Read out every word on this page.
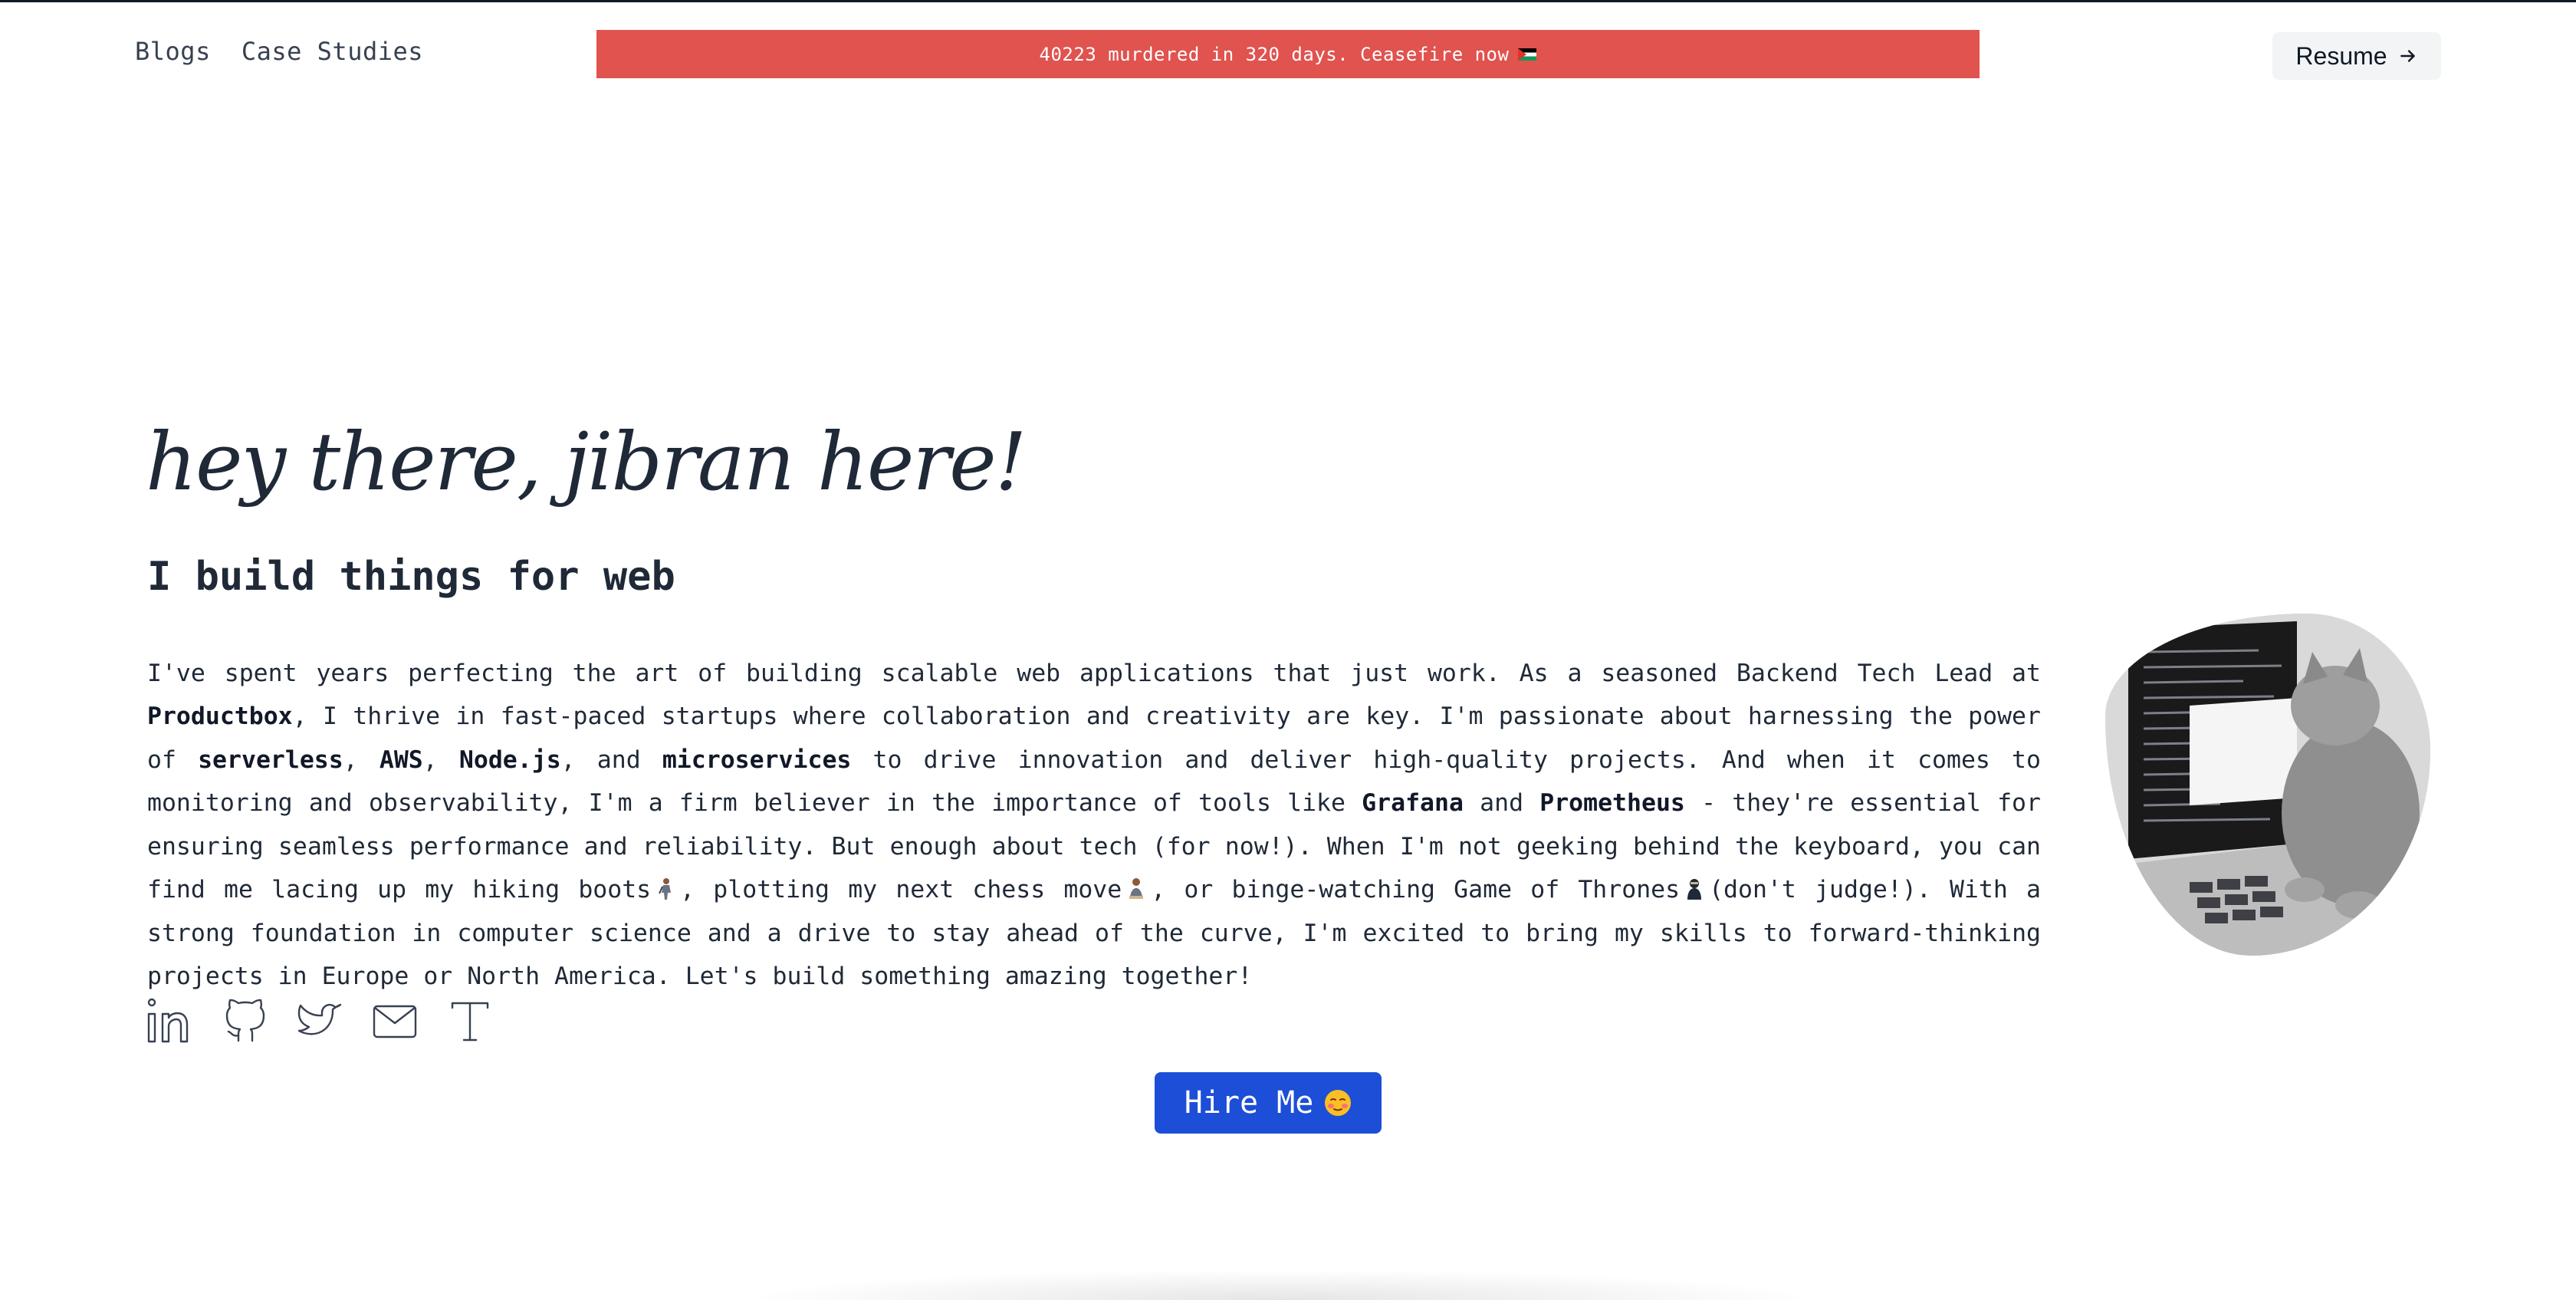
Blogs Case Studies	40223 murdered in 320 days. Ceasefire now	Resume
hey there, jibran here!
I build things for web

I've spent years perfecting the art of building scalable web applications that just work. As a seasoned Backend Tech Lead at Productbox, I thrive in fast-paced startups where collaboration and creativity are key. I'm passionate about harnessing the power of serverless, AWS, Node.js, and microservices to drive innovation and deliver high-quality projects. And when it comes to monitoring and observability, I'm a firm believer in the importance of tools like Grafana and Prometheus - they're essential for ensuring seamless performance and reliability. But enough about tech (for now!). When I'm not geeking behind the keyboard, you can find me lacing up my hiking boots , plotting my next chess move , or binge-watching Game of Thrones (don't judge!). With a strong foundation in computer science and a drive to stay ahead of the curve, I'm excited to bring my skills to forward-thinking projects in Europe or North America. Let's build something amazing together!

Hire Me
